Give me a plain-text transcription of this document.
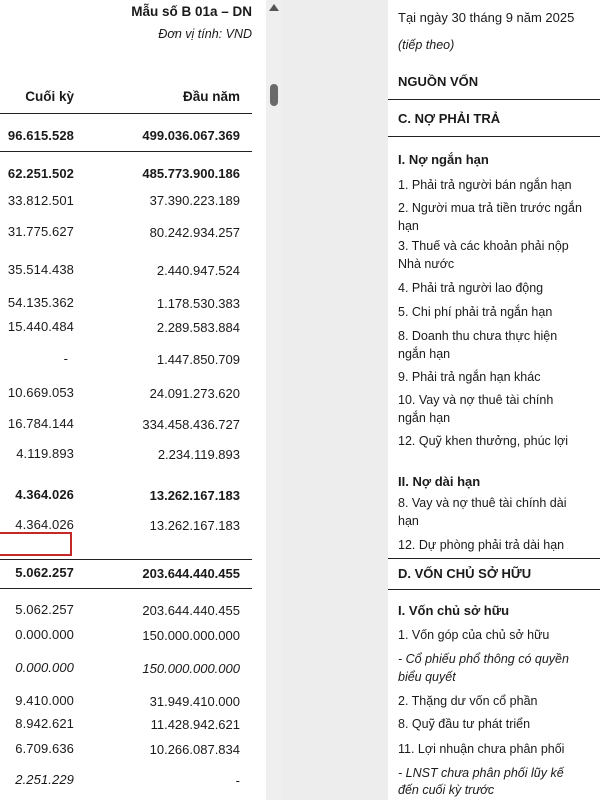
Mẫu số B 01a – DN
Đơn vị tính: VND
Cuối kỳ	Đầu năm
96.615.528	499.036.067.369
62.251.502	485.773.900.186
33.812.501	37.390.223.189
31.775.627	80.242.934.257
35.514.438	2.440.947.524
54.135.362	1.178.530.383
15.440.484	2.289.583.884
-	1.447.850.709
10.669.053	24.091.273.620
16.784.144	334.458.436.727
4.119.893	2.234.119.893
4.364.026	13.262.167.183
4.364.026	13.262.167.183
5.062.257	203.644.440.455
5.062.257	203.644.440.455
0.000.000	150.000.000.000
0.000.000	150.000.000.000
9.410.000	31.949.410.000
8.942.621	11.428.942.621
6.709.636	10.266.087.834
2.251.229	-
Tại ngày 30 tháng 9 năm 2025
(tiếp theo)
NGUỒN VỐN
C. NỢ PHẢI TRẢ
I. Nợ ngắn hạn
1. Phải trả người bán ngắn hạn
2. Người mua trả tiền trước ngắn
hạn
3. Thuế và các khoản phải nộp
Nhà nước
4. Phải trả người lao động
5. Chi phí phải trả ngắn hạn
8. Doanh thu chưa thực hiện
ngắn hạn
9. Phải trả ngắn hạn khác
10. Vay và nợ thuê tài chính
ngắn hạn
12. Quỹ khen thưởng, phúc lợi
II. Nợ dài hạn
8. Vay và nợ thuê tài chính dài
hạn
12. Dự phòng phải trả dài hạn
D. VỐN CHỦ SỞ HỮU
I. Vốn chủ sở hữu
1. Vốn góp của chủ sở hữu
- Cổ phiếu phổ thông có quyền
biểu quyết
2. Thặng dư vốn cổ phần
8. Quỹ đầu tư phát triển
11. Lợi nhuận chưa phân phối
- LNST chưa phân phối lũy kế
đến cuối kỳ trước
